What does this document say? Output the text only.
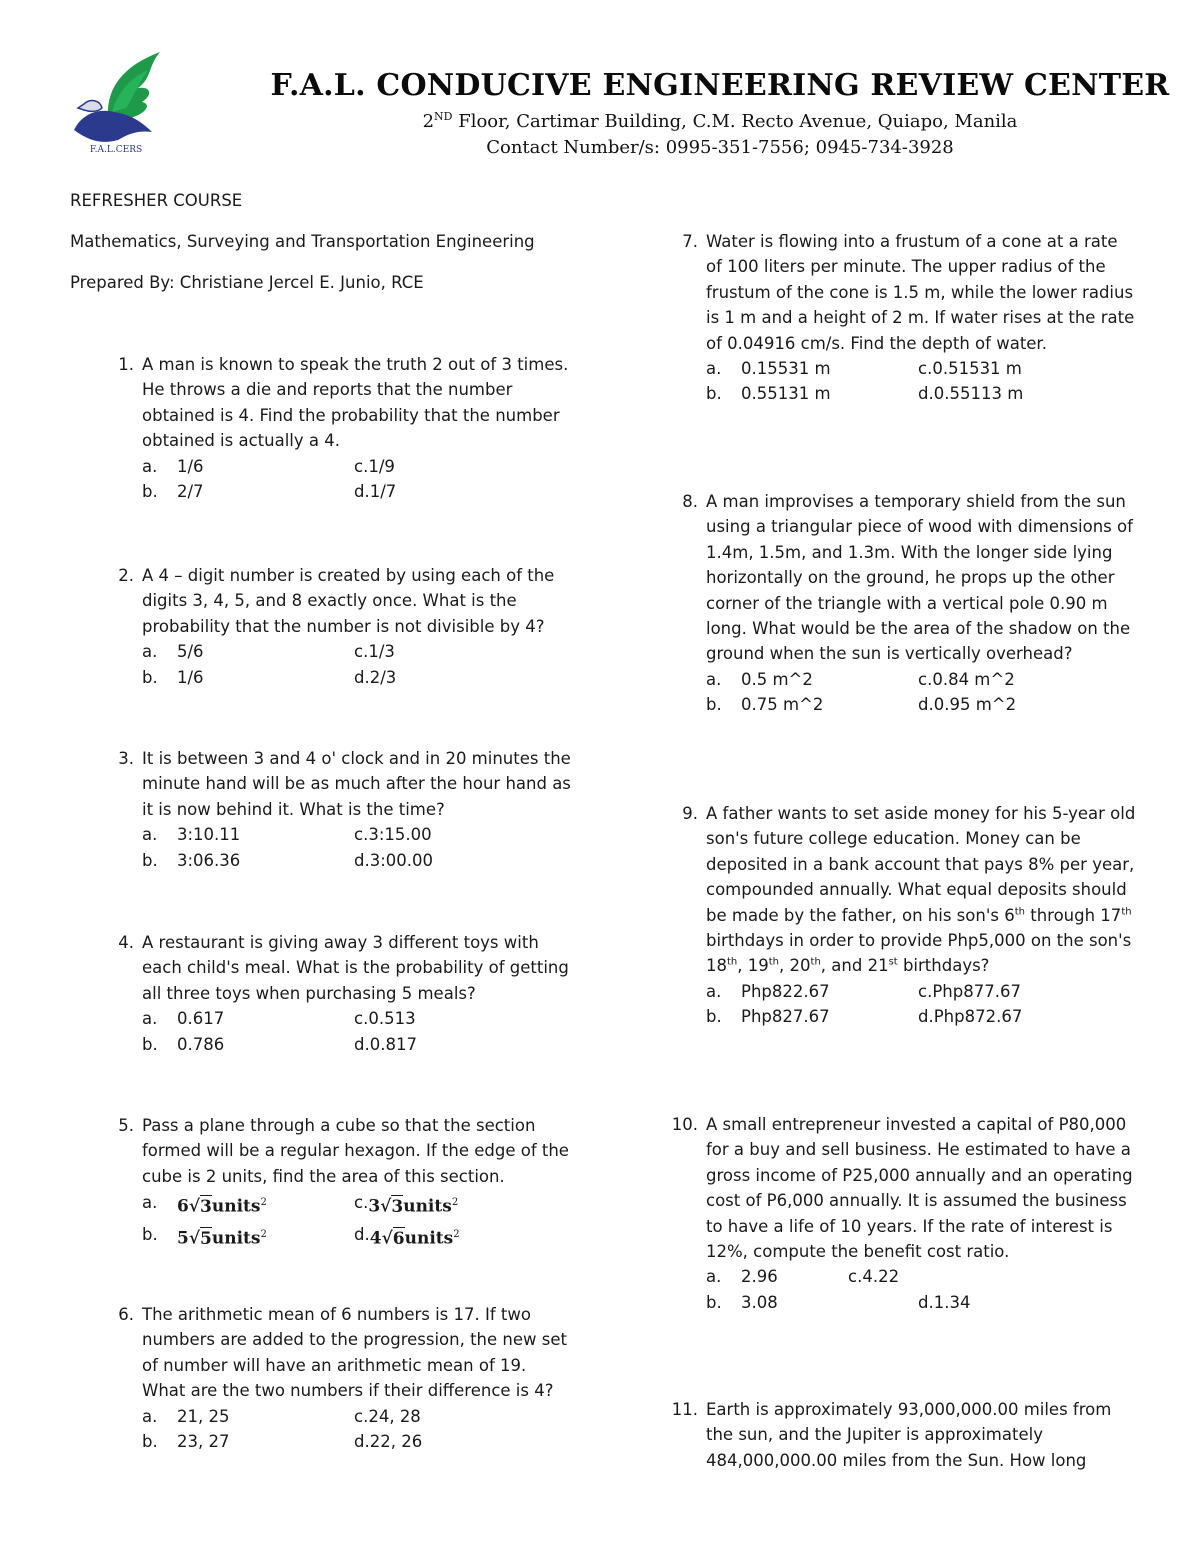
F.A.L.CERS
F.A.L. CONDUCIVE ENGINEERING REVIEW CENTER
2ND Floor, Cartimar Building, C.M. Recto Avenue, Quiapo, Manila
Contact Number/s: 0995-351-7556; 0945-734-3928
REFRESHER COURSE
Mathematics, Surveying and Transportation Engineering
Prepared By: Christiane Jercel E. Junio, RCE
1. A man is known to speak the truth 2 out of 3 times. He throws a die and reports that the number obtained is 4. Find the probability that the number obtained is actually a 4.
a.	1/6	c. 1/9
b.	2/7	d. 1/7
2. A 4 – digit number is created by using each of the digits 3, 4, 5, and 8 exactly once. What is the probability that the number is not divisible by 4?
a.	5/6	c. 1/3
b.	1/6	d. 2/3
3. It is between 3 and 4 o' clock and in 20 minutes the minute hand will be as much after the hour hand as it is now behind it. What is the time?
a.	3:10.11	c. 3:15.00
b.	3:06.36	d. 3:00.00
4. A restaurant is giving away 3 different toys with each child's meal. What is the probability of getting all three toys when purchasing 5 meals?
a.	0.617	c. 0.513
b.	0.786	d. 0.817
5. Pass a plane through a cube so that the section formed will be a regular hexagon. If the edge of the cube is 2 units, find the area of this section.
a.	6√3units$^2$	c. 3√3units$^2$
b.	5√5units$^2$	d. 4√6units$^2$
6. The arithmetic mean of 6 numbers is 17. If two numbers are added to the progression, the new set of number will have an arithmetic mean of 19. What are the two numbers if their difference is 4?
a.	21, 25	c. 24, 28
b.	23, 27	d. 22, 26
7. Water is flowing into a frustum of a cone at a rate of 100 liters per minute. The upper radius of the frustum of the cone is 1.5 m, while the lower radius is 1 m and a height of 2 m. If water rises at the rate of 0.04916 cm/s. Find the depth of water.
a.	0.15531 m	c. 0.51531 m
b.	0.55131 m	d. 0.55113 m
8. A man improvises a temporary shield from the sun using a triangular piece of wood with dimensions of 1.4m, 1.5m, and 1.3m. With the longer side lying horizontally on the ground, he props up the other corner of the triangle with a vertical pole 0.90 m long. What would be the area of the shadow on the ground when the sun is vertically overhead?
a.	0.5 m^2	c. 0.84 m^2
b.	0.75 m^2	d. 0.95 m^2
9. A father wants to set aside money for his 5-year old son's future college education. Money can be deposited in a bank account that pays 8% per year, compounded annually. What equal deposits should be made by the father, on his son's 6th through 17th birthdays in order to provide Php5,000 on the son's 18th, 19th, 20th, and 21st birthdays?
a.	Php822.67	c. Php877.67
b.	Php827.67	d. Php872.67
10. A small entrepreneur invested a capital of P80,000 for a buy and sell business. He estimated to have a gross income of P25,000 annually and an operating cost of P6,000 annually. It is assumed the business to have a life of 10 years. If the rate of interest is 12%, compute the benefit cost ratio.
a.	2.96	c. 4.22
b.	3.08	d. 1.34
11. Earth is approximately 93,000,000.00 miles from the sun, and the Jupiter is approximately 484,000,000.00 miles from the Sun. How long
